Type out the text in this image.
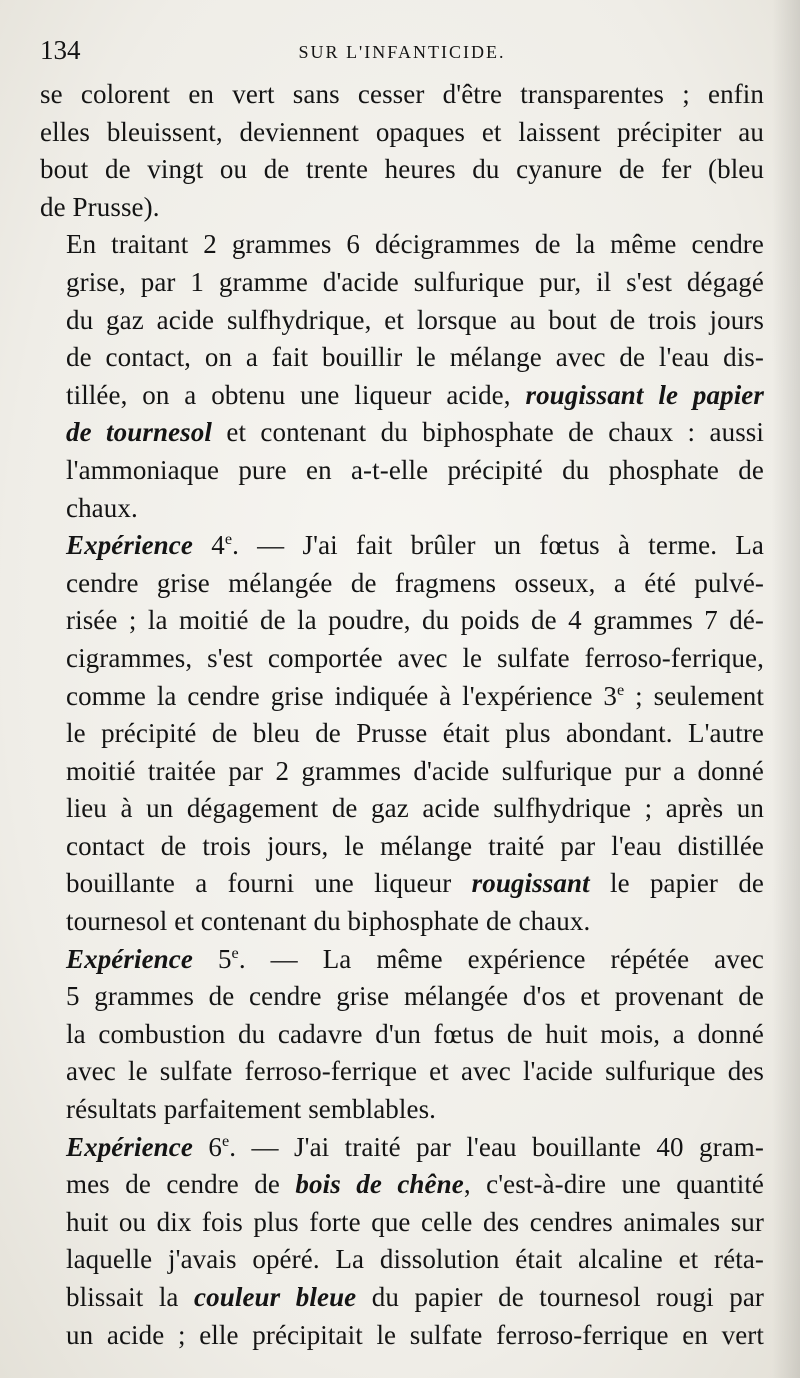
134	SUR L'INFANTICIDE.
se colorent en vert sans cesser d'être transparentes ; enfin
elles bleuissent, deviennent opaques et laissent précipiter au
bout de vingt ou de trente heures du cyanure de fer (bleu
de Prusse).
En traitant 2 grammes 6 décigrammes de la même cendre
grise, par 1 gramme d'acide sulfurique pur, il s'est dégagé
du gaz acide sulfhydrique, et lorsque au bout de trois jours
de contact, on a fait bouillir le mélange avec de l'eau dis-
tillée, on a obtenu une liqueur acide, rougissant le papier
de tournesol et contenant du biphosphate de chaux : aussi
l'ammoniaque pure en a-t-elle précipité du phosphate de
chaux.
Expérience 4e. — J'ai fait brûler un fœtus à terme. La
cendre grise mélangée de fragmens osseux, a été pulvé-
risée ; la moitié de la poudre, du poids de 4 grammes 7 dé-
cigrammes, s'est comportée avec le sulfate ferroso-ferrique,
comme la cendre grise indiquée à l'expérience 3e ; seulement
le précipité de bleu de Prusse était plus abondant. L'autre
moitié traitée par 2 grammes d'acide sulfurique pur a donné
lieu à un dégagement de gaz acide sulfhydrique ; après un
contact de trois jours, le mélange traité par l'eau distillée
bouillante a fourni une liqueur rougissant le papier de
tournesol et contenant du biphosphate de chaux.
Expérience 5e. — La même expérience répétée avec
5 grammes de cendre grise mélangée d'os et provenant de
la combustion du cadavre d'un fœtus de huit mois, a donné
avec le sulfate ferroso-ferrique et avec l'acide sulfurique des
résultats parfaitement semblables.
Expérience 6e. — J'ai traité par l'eau bouillante 40 gram-
mes de cendre de bois de chêne, c'est-à-dire une quantité
huit ou dix fois plus forte que celle des cendres animales sur
laquelle j'avais opéré. La dissolution était alcaline et réta-
blissait la couleur bleue du papier de tournesol rougi par
un acide ; elle précipitait le sulfate ferroso-ferrique en vert
